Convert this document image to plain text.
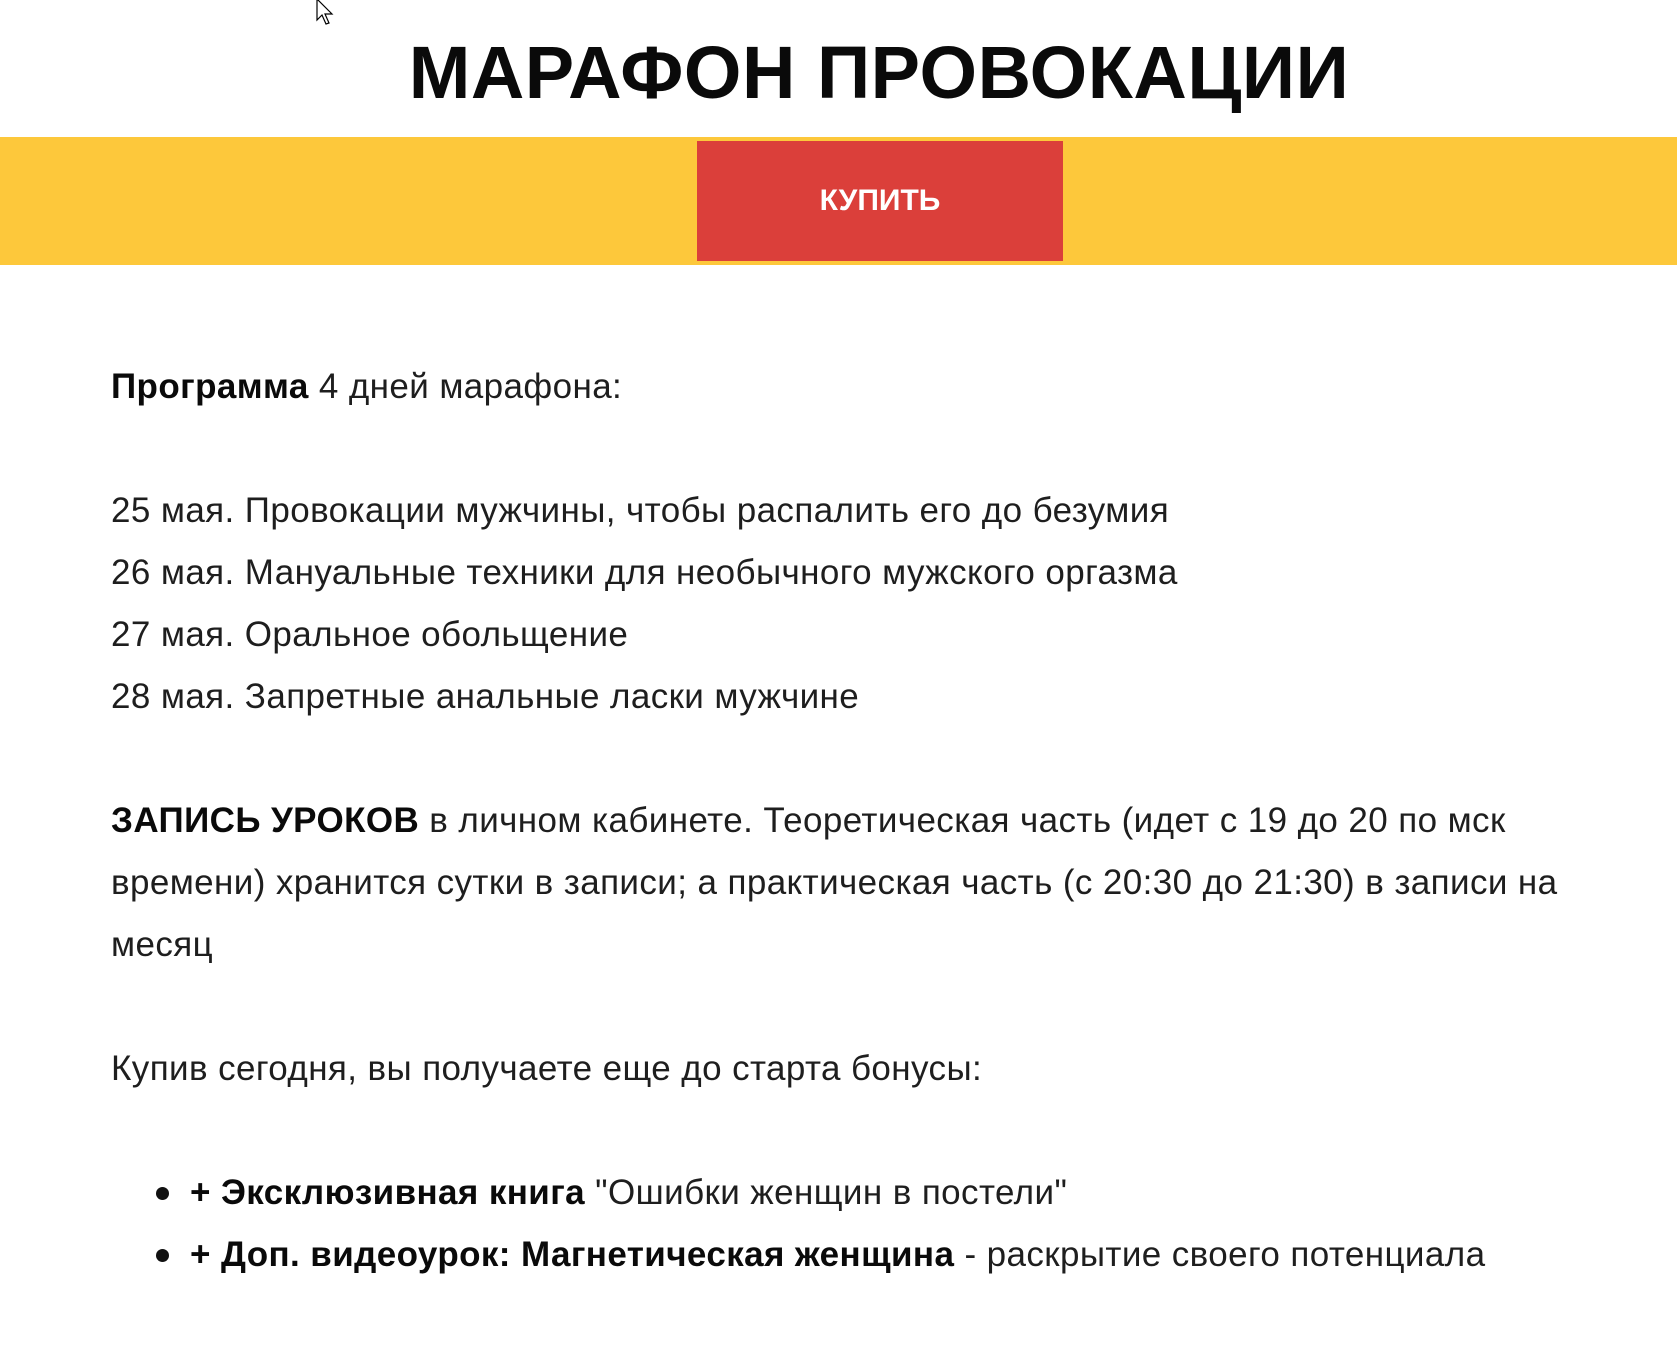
МАРАФОН ПРОВОКАЦИИ
КУПИТЬ

Программа 4 дней марафона:

25 мая. Провокации мужчины, чтобы распалить его до безумия

26 мая. Мануальные техники для необычного мужского оргазма

27 мая. Оральное обольщение

28 мая. Запретные анальные ласки мужчине

ЗАПИСЬ УРОКОВ в личном кабинете. Теоретическая часть (идет с 19 до 20 по мск времени) хранится сутки в записи; а практическая часть (с 20:30 до 21:30) в записи на месяц

Купив сегодня, вы получаете еще до старта бонусы:

+ Эксклюзивная книга "Ошибки женщин в постели"
+ Доп. видеоурок: Магнетическая женщина - раскрытие своего потенциала
